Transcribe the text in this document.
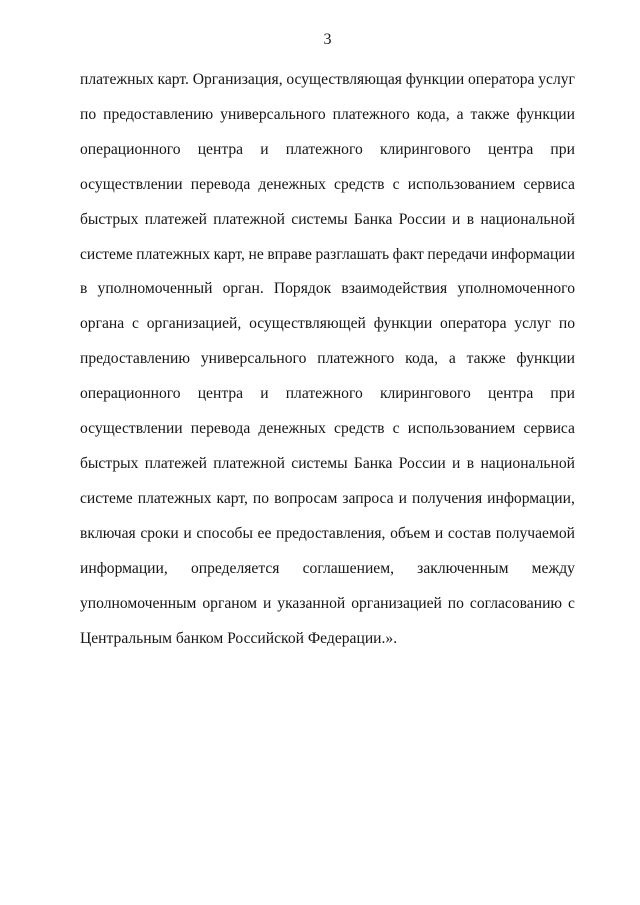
3
платежных карт. Организация, осуществляющая функции оператора услуг
по предоставлению универсального платежного кода, а также функции
операционного центра и платежного клирингового центра при
осуществлении перевода денежных средств с использованием сервиса
быстрых платежей платежной системы Банка России и в национальной
системе платежных карт, не вправе разглашать факт передачи информации
в уполномоченный орган. Порядок взаимодействия уполномоченного
органа с организацией, осуществляющей функции оператора услуг по
предоставлению универсального платежного кода, а также функции
операционного центра и платежного клирингового центра при
осуществлении перевода денежных средств с использованием сервиса
быстрых платежей платежной системы Банка России и в национальной
системе платежных карт, по вопросам запроса и получения информации,
включая сроки и способы ее предоставления, объем и состав получаемой
информации, определяется соглашением, заключенным между
уполномоченным органом и указанной организацией по согласованию с
Центральным банком Российской Федерации.».
